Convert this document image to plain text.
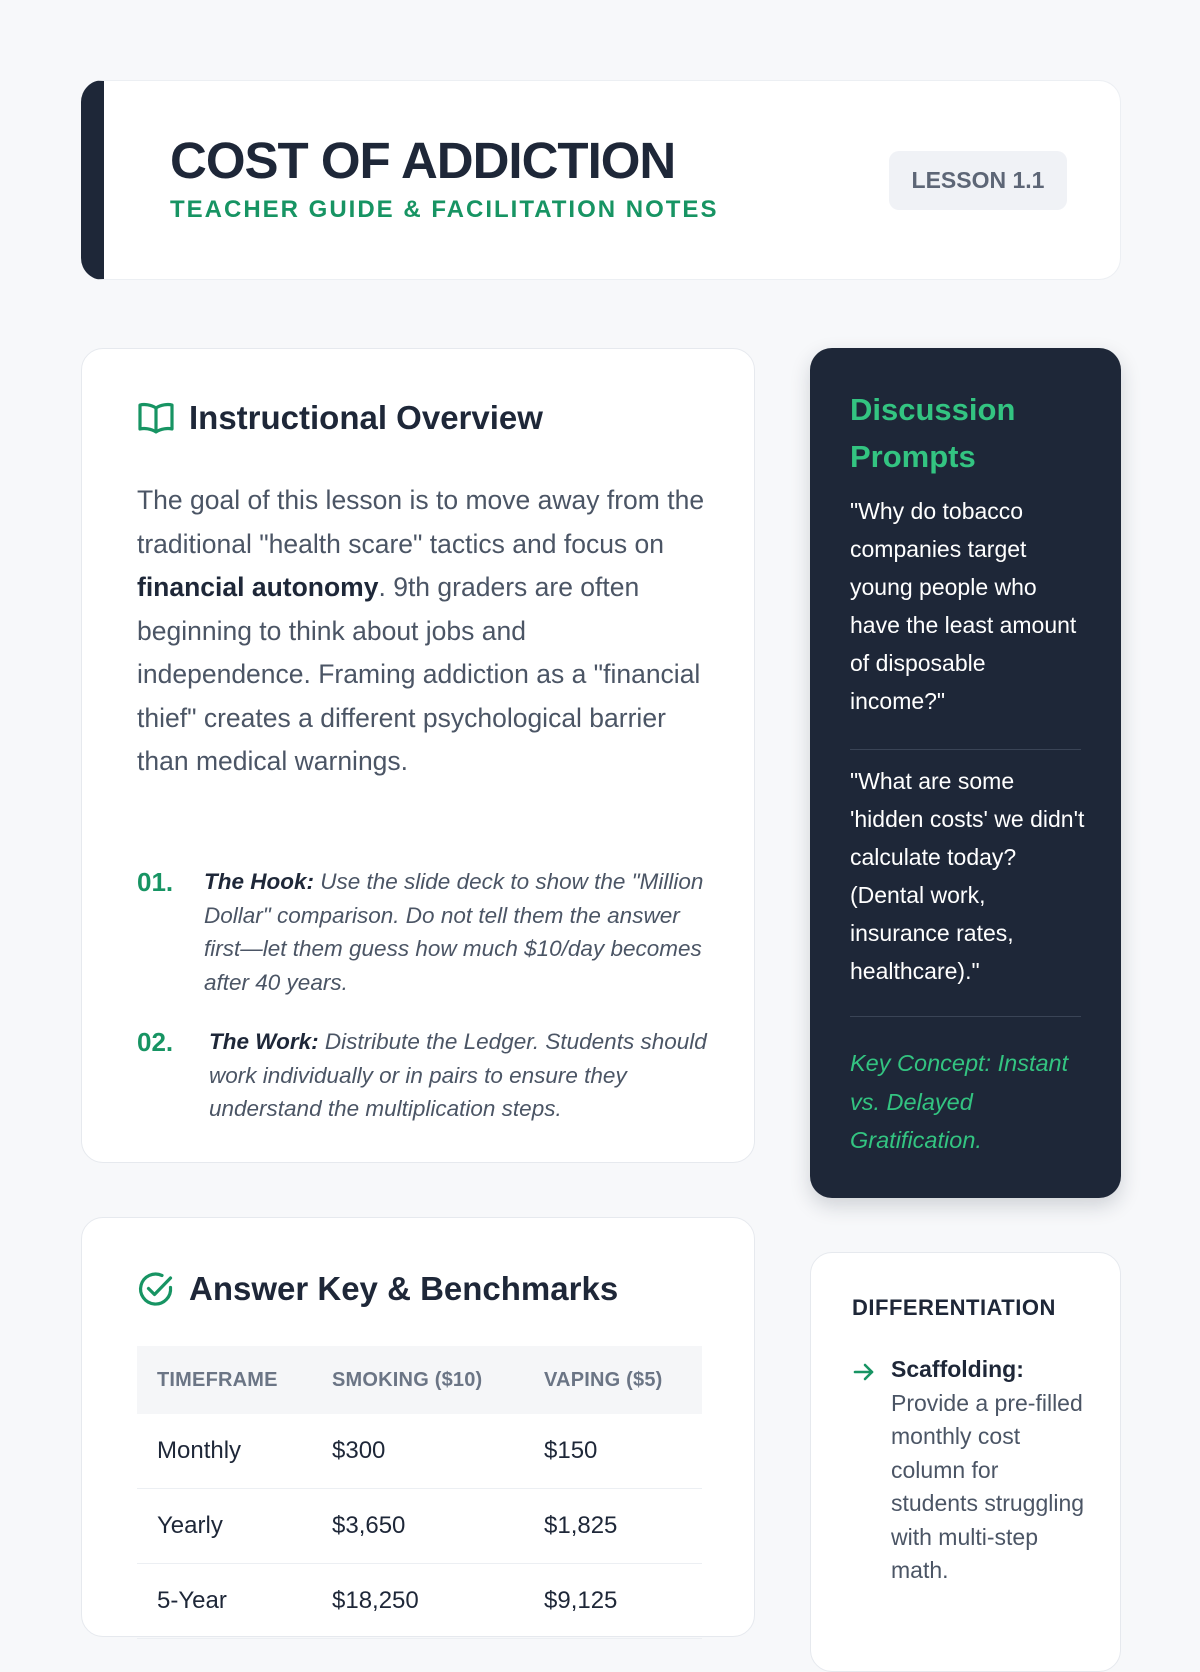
COST OF ADDICTION

TEACHER GUIDE & FACILITATION NOTES

LESSON 1.1
Instructional Overview

The goal of this lesson is to move away from the traditional "health scare" tactics and focus on financial autonomy. 9th graders are often beginning to think about jobs and independence. Framing addiction as a "financial thief" creates a different psychological barrier than medical warnings.

01.	The Hook: Use the slide deck to show the "Million Dollar" comparison. Do not tell them the answer first—let them guess how much $10/day becomes after 40 years.
02.	The Work: Distribute the Ledger. Students should work individually or in pairs to ensure they understand the multiplication steps.
Discussion Prompts

"Why do tobacco companies target young people who have the least amount of disposable income?"

"What are some 'hidden costs' we didn't calculate today? (Dental work, insurance rates, healthcare)."

Key Concept: Instant vs. Delayed Gratification.

Answer Key & Benchmarks
TIMEFRAME	SMOKING ($10)	VAPING ($5)
Monthly	$300	$150
Yearly	$3,650	$1,825
5-Year	$18,250	$9,125
DIFFERENTIATION
Scaffolding: Provide a pre-filled monthly cost column for students struggling with multi-step math.
